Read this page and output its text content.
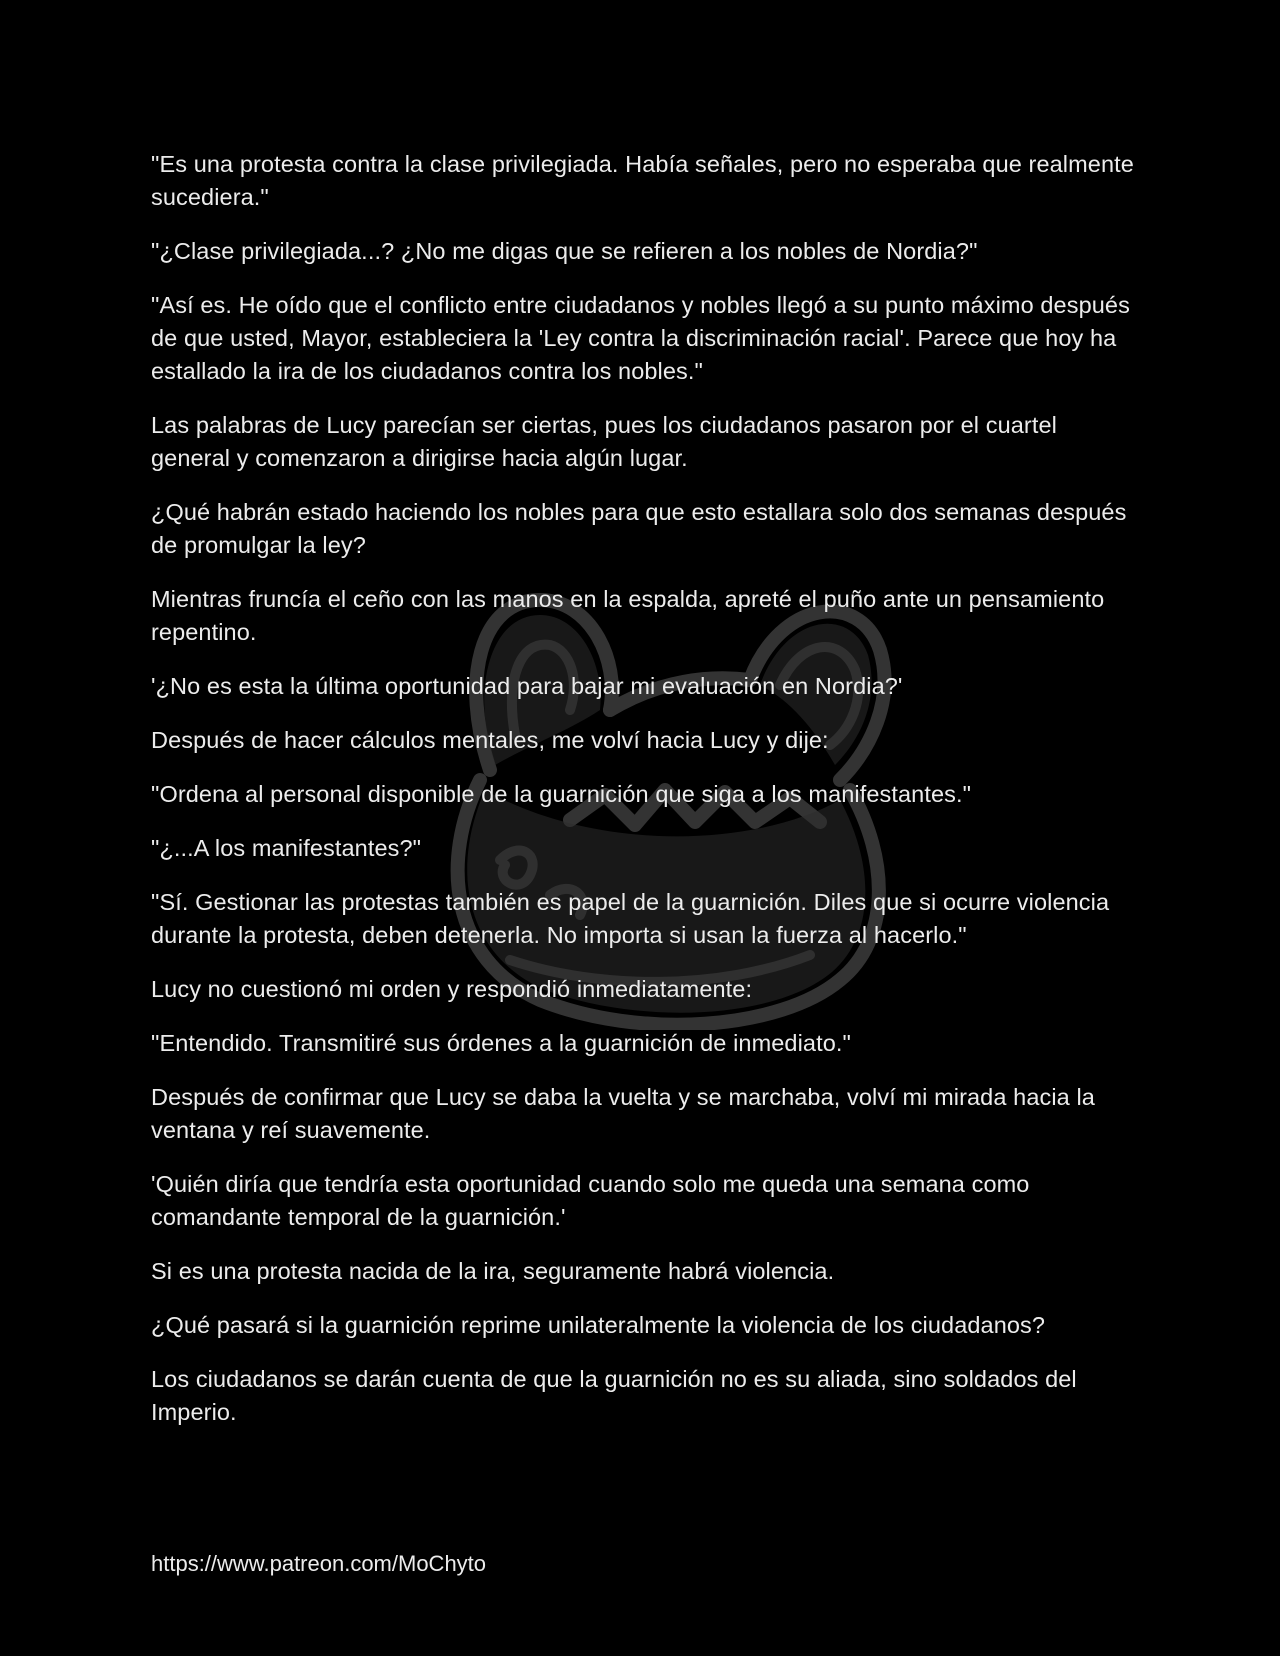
"Es una protesta contra la clase privilegiada. Había señales, pero no esperaba que realmente sucediera."

"¿Clase privilegiada...? ¿No me digas que se refieren a los nobles de Nordia?"

"Así es. He oído que el conflicto entre ciudadanos y nobles llegó a su punto máximo después de que usted, Mayor, estableciera la 'Ley contra la discriminación racial'. Parece que hoy ha estallado la ira de los ciudadanos contra los nobles."

Las palabras de Lucy parecían ser ciertas, pues los ciudadanos pasaron por el cuartel general y comenzaron a dirigirse hacia algún lugar.

¿Qué habrán estado haciendo los nobles para que esto estallara solo dos semanas después de promulgar la ley?

Mientras fruncía el ceño con las manos en la espalda, apreté el puño ante un pensamiento repentino.

'¿No es esta la última oportunidad para bajar mi evaluación en Nordia?'

Después de hacer cálculos mentales, me volví hacia Lucy y dije:

"Ordena al personal disponible de la guarnición que siga a los manifestantes."

"¿...A los manifestantes?"

"Sí. Gestionar las protestas también es papel de la guarnición. Diles que si ocurre violencia durante la protesta, deben detenerla. No importa si usan la fuerza al hacerlo."

Lucy no cuestionó mi orden y respondió inmediatamente:

"Entendido. Transmitiré sus órdenes a la guarnición de inmediato."

Después de confirmar que Lucy se daba la vuelta y se marchaba, volví mi mirada hacia la ventana y reí suavemente.

'Quién diría que tendría esta oportunidad cuando solo me queda una semana como comandante temporal de la guarnición.'

Si es una protesta nacida de la ira, seguramente habrá violencia.

¿Qué pasará si la guarnición reprime unilateralmente la violencia de los ciudadanos?

Los ciudadanos se darán cuenta de que la guarnición no es su aliada, sino soldados del Imperio.

https://www.patreon.com/MoChyto
